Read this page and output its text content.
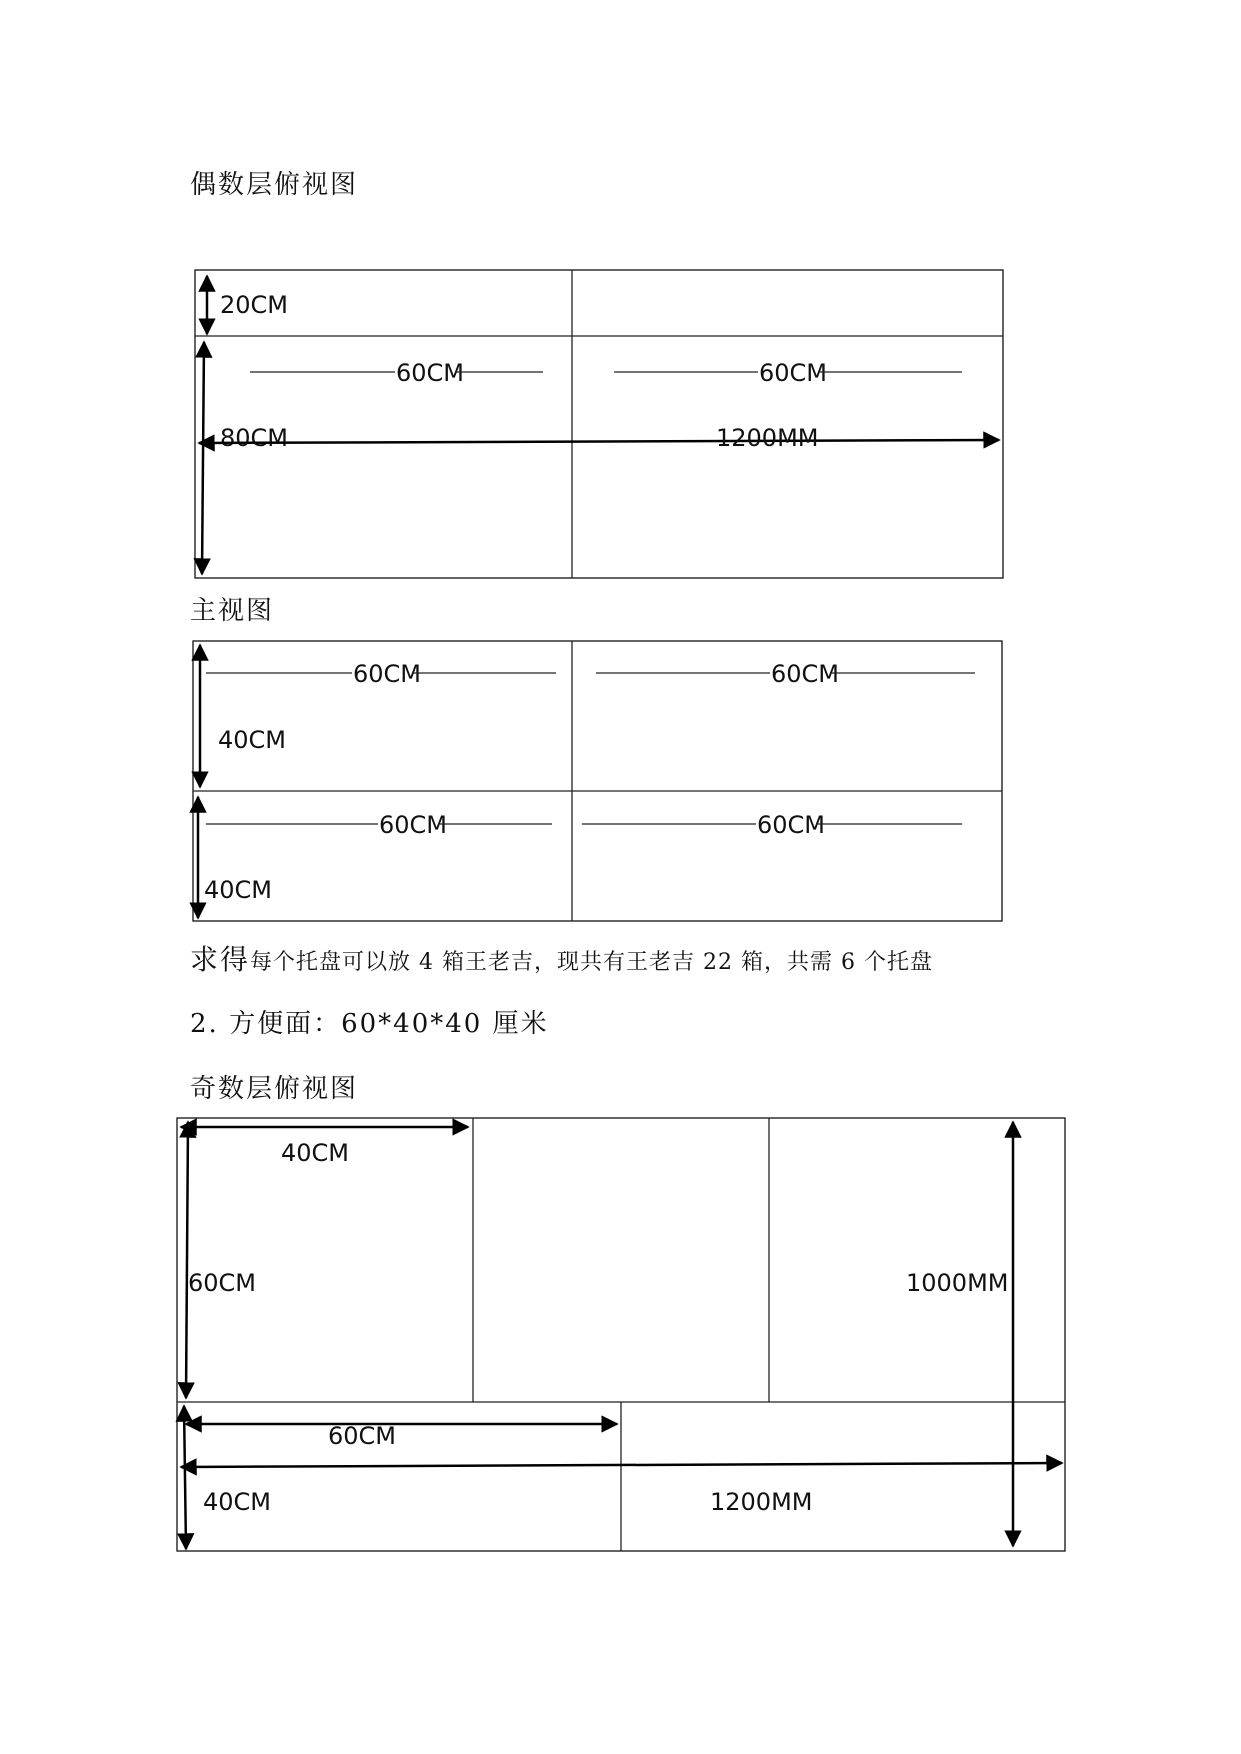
偶数层俯视图
主视图
求得每个托盘可以放 4 箱王老吉，现共有王老吉 22 箱，共需 6 个托盘
2. 方便面：60*40*40 厘米
奇数层俯视图
20CM
80CM
60CM	60CM
1200MM
40CM
40CM
60CM	60CM
60CM	60CM
40CM
60CM	1000MM
60CM
40CM	1200MM
